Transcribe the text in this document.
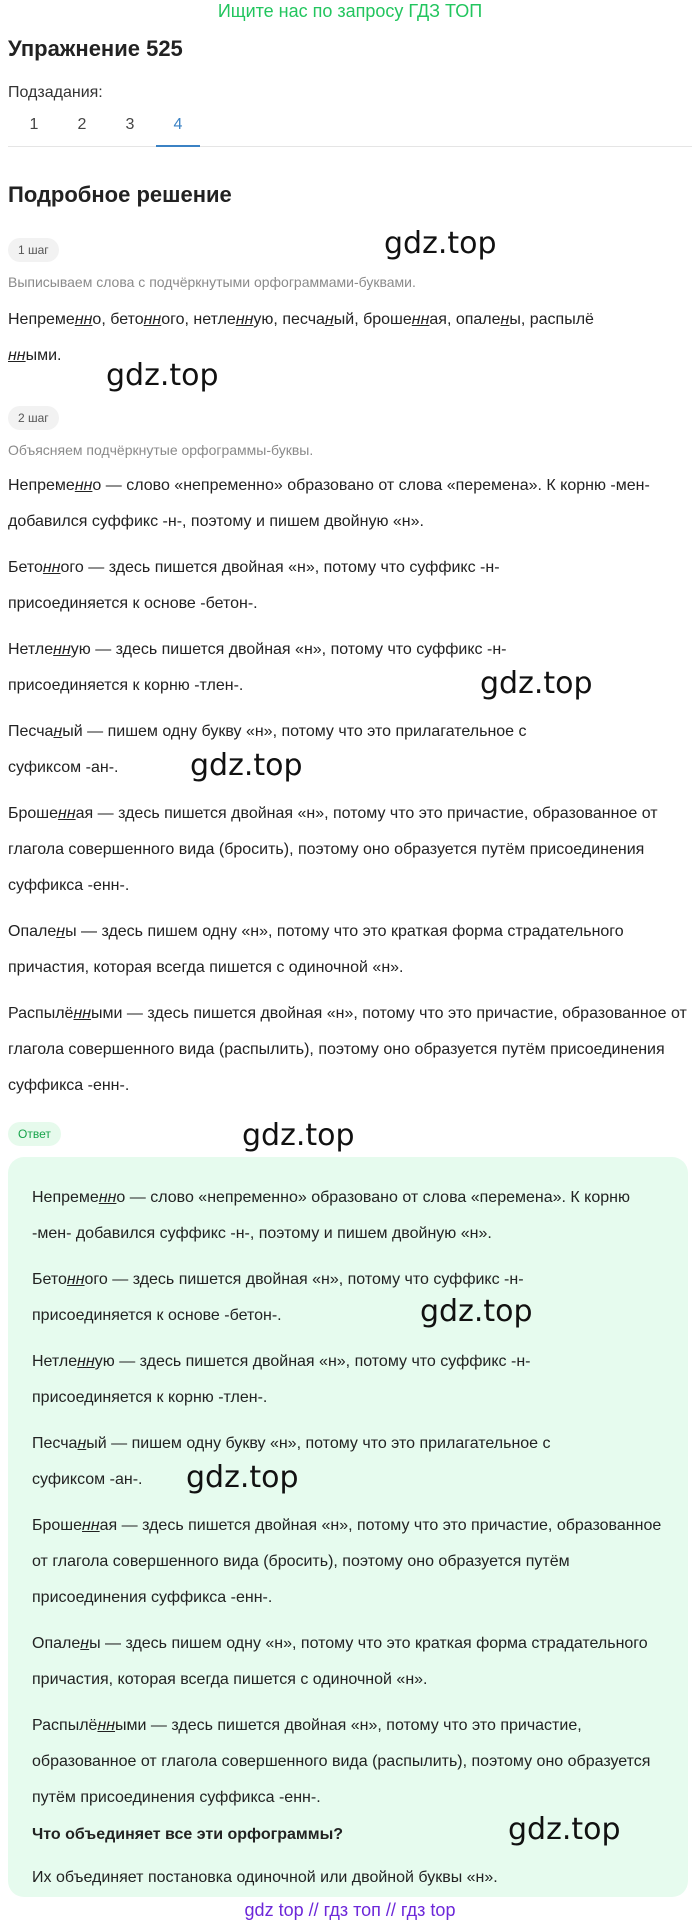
Ищите нас по запросу ГДЗ ТОП
Упражнение 525
Подзадания:
1	2	3	4
Подробное решение
1 шаг	gdz.top
Выписываем слова с подчёркнутыми орфограммами-буквами.
Непременно, бетонного, нетленную, песчаный, брошенная, опалены, распылё
нными.
gdz.top
2 шаг
Объясняем подчёркнутые орфограммы-буквы.
Непременно — слово «непременно» образовано от слова «перемена». К корню -мен- добавился суффикс -н-, поэтому и пишем двойную «н».
Бетонного — здесь пишется двойная «н», потому что суффикс -н-
присоединяется к основе -бетон-.
Нетленную — здесь пишется двойная «н», потому что суффикс -н-
присоединяется к корню -тлен-.	gdz.top
Песчаный — пишем одну букву «н», потому что это прилагательное с
суфиксом -ан-.	gdz.top
Брошенная — здесь пишется двойная «н», потому что это причастие, образованное от глагола совершенного вида (бросить), поэтому оно образуется путём присоединения суффикса -енн-.
Опалены — здесь пишем одну «н», потому что это краткая форма страдательного причастия, которая всегда пишется с одиночной «н».
Распылёнными — здесь пишется двойная «н», потому что это причастие, образованное от глагола совершенного вида (распылить), поэтому оно образуется путём присоединения суффикса -енн-.
Ответ	gdz.top
Непременно — слово «непременно» образовано от слова «перемена». К корню -мен- добавился суффикс -н-, поэтому и пишем двойную «н».
Бетонного — здесь пишется двойная «н», потому что суффикс -н-
присоединяется к основе -бетон-.	gdz.top
Нетленную — здесь пишется двойная «н», потому что суффикс -н-
присоединяется к корню -тлен-.
Песчаный — пишем одну букву «н», потому что это прилагательное с
суфиксом -ан-.	gdz.top
Брошенная — здесь пишется двойная «н», потому что это причастие, образованное от глагола совершенного вида (бросить), поэтому оно образуется путём присоединения суффикса -енн-.
Опалены — здесь пишем одну «н», потому что это краткая форма страдательного причастия, которая всегда пишется с одиночной «н».
Распылёнными — здесь пишется двойная «н», потому что это причастие, образованное от глагола совершенного вида (распылить), поэтому оно образуется путём присоединения суффикса -енн-.
Что объединяет все эти орфограммы?	gdz.top
Их объединяет постановка одиночной или двойной буквы «н».
gdz top // гдз топ // гдз top
